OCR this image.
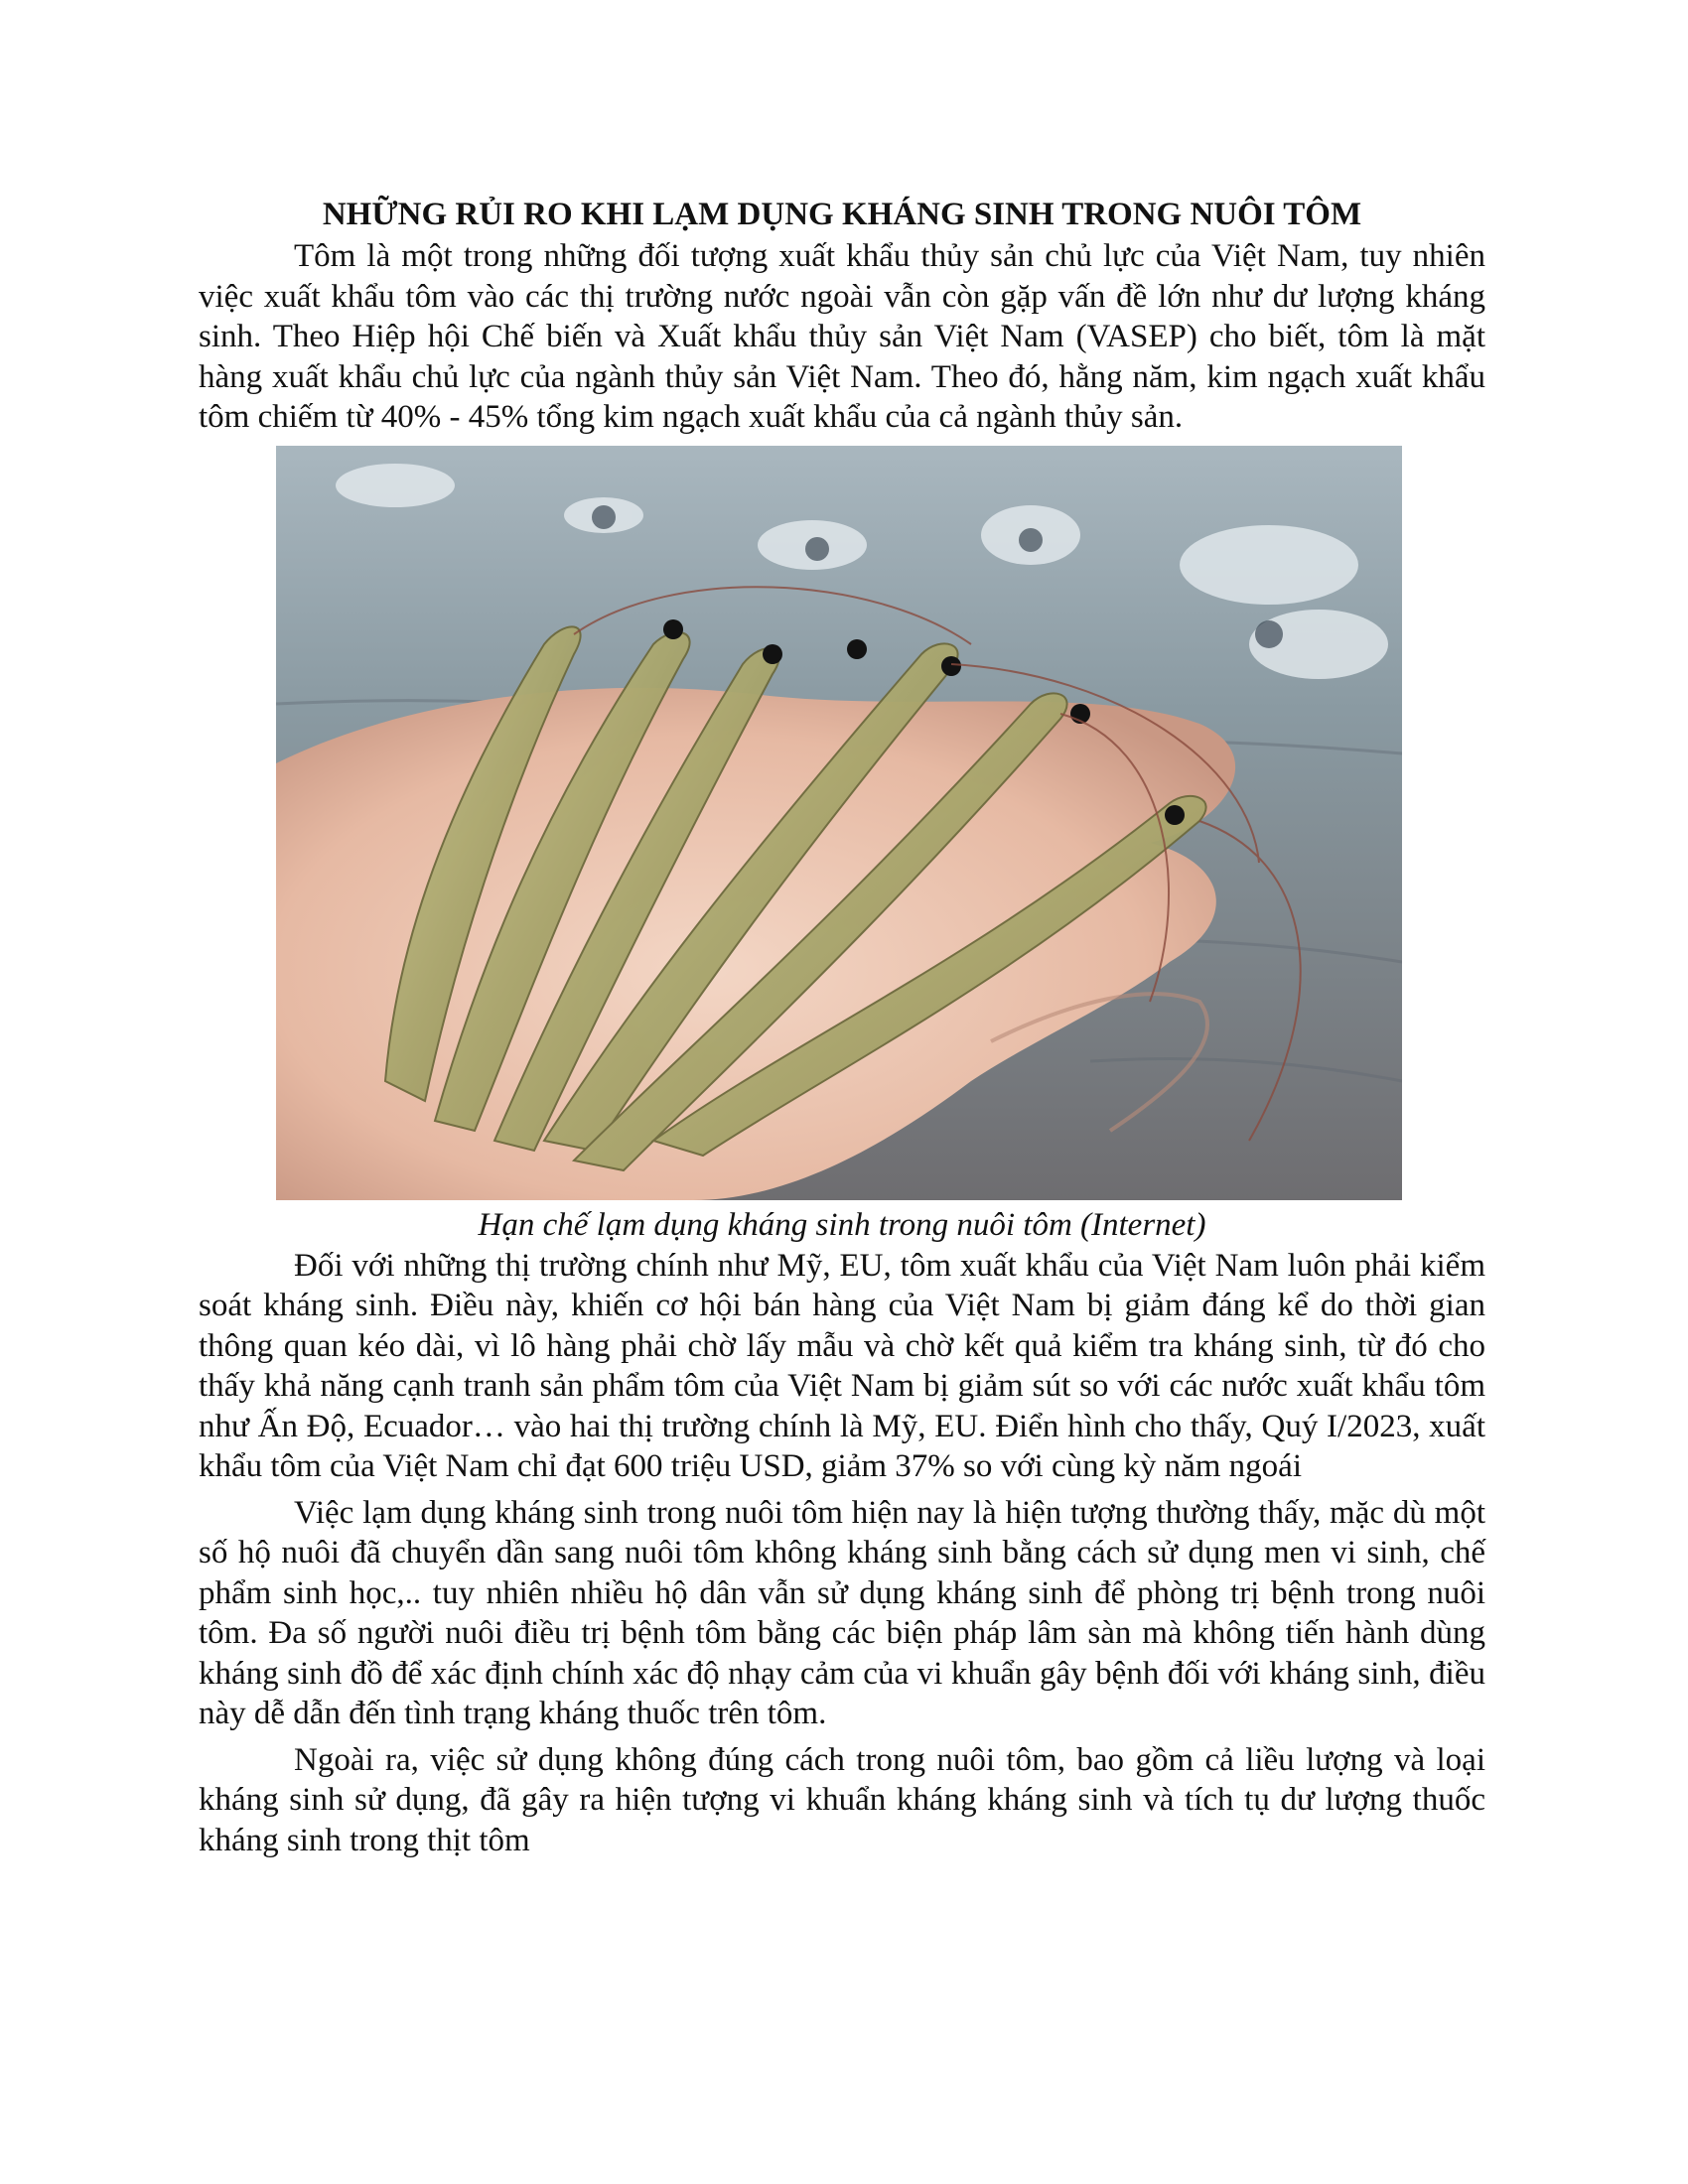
NHỮNG RỦI RO KHI LẠM DỤNG KHÁNG SINH TRONG NUÔI TÔM

Tôm là một trong những đối tượng xuất khẩu thủy sản chủ lực của Việt Nam, tuy nhiên việc xuất khẩu tôm vào các thị trường nước ngoài vẫn còn gặp vấn đề lớn như dư lượng kháng sinh. Theo Hiệp hội Chế biến và Xuất khẩu thủy sản Việt Nam (VASEP) cho biết, tôm là mặt hàng xuất khẩu chủ lực của ngành thủy sản Việt Nam. Theo đó, hằng năm, kim ngạch xuất khẩu tôm chiếm từ 40% - 45% tổng kim ngạch xuất khẩu của cả ngành thủy sản.

Hạn chế lạm dụng kháng sinh trong nuôi tôm (Internet)

Đối với những thị trường chính như Mỹ, EU, tôm xuất khẩu của Việt Nam luôn phải kiểm soát kháng sinh. Điều này, khiến cơ hội bán hàng của Việt Nam bị giảm đáng kể do thời gian thông quan kéo dài, vì lô hàng phải chờ lấy mẫu và chờ kết quả kiểm tra kháng sinh, từ đó cho thấy khả năng cạnh tranh sản phẩm tôm của Việt Nam bị giảm sút so với các nước xuất khẩu tôm như Ấn Độ, Ecuador… vào hai thị trường chính là Mỹ, EU. Điển hình cho thấy, Quý I/2023, xuất khẩu tôm của Việt Nam chỉ đạt 600 triệu USD, giảm 37% so với cùng kỳ năm ngoái

Việc lạm dụng kháng sinh trong nuôi tôm hiện nay là hiện tượng thường thấy, mặc dù một số hộ nuôi đã chuyển dần sang nuôi tôm không kháng sinh bằng cách sử dụng men vi sinh, chế phẩm sinh học,.. tuy nhiên nhiều hộ dân vẫn sử dụng kháng sinh để phòng trị bệnh trong nuôi tôm. Đa số người nuôi điều trị bệnh tôm bằng các biện pháp lâm sàn mà không tiến hành dùng kháng sinh đồ để xác định chính xác độ nhạy cảm của vi khuẩn gây bệnh đối với kháng sinh, điều này dễ dẫn đến tình trạng kháng thuốc trên tôm.

Ngoài ra, việc sử dụng không đúng cách trong nuôi tôm, bao gồm cả liều lượng và loại kháng sinh sử dụng, đã gây ra hiện tượng vi khuẩn kháng kháng sinh và tích tụ dư lượng thuốc kháng sinh trong thịt tôm
